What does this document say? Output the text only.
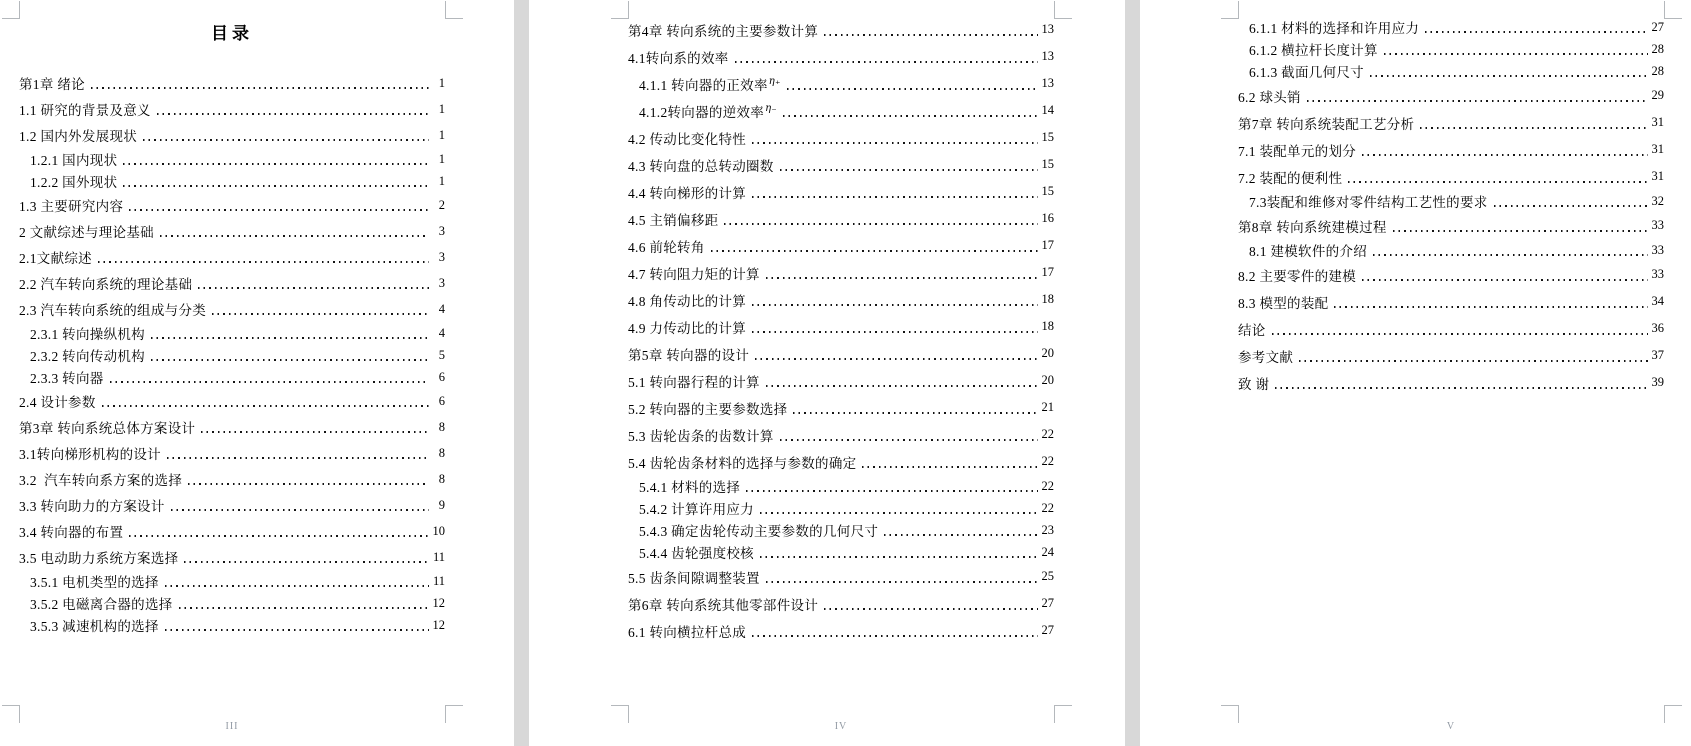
目录
第1章 绪论	1
1.1 研究的背景及意义	1
1.2 国内外发展现状	1
1.2.1 国内现状	1
1.2.2 国外现状	1
1.3 主要研究内容	2
2 文献综述与理论基础	3
2.1文献综述	3
2.2 汽车转向系统的理论基础	3
2.3 汽车转向系统的组成与分类	4
2.3.1 转向操纵机构	4
2.3.2 转向传动机构	5
2.3.3 转向器	6
2.4 设计参数	6
第3章 转向系统总体方案设计	8
3.1转向梯形机构的设计	8
3.2  汽车转向系方案的选择	8
3.3 转向助力的方案设计	9
3.4 转向器的布置	10
3.5 电动助力系统方案选择	11
3.5.1 电机类型的选择	11
3.5.2 电磁离合器的选择	12
3.5.3 减速机构的选择	12
III
第4章 转向系统的主要参数计算	13
4.1转向系的效率	13
4.1.1 转向器的正效率$^{\eta_+}$	13
4.1.2转向器的逆效率$^{\eta_-}$	14
4.2 传动比变化特性	15
4.3 转向盘的总转动圈数	15
4.4 转向梯形的计算	15
4.5 主销偏移距	16
4.6 前轮转角	17
4.7 转向阻力矩的计算	17
4.8 角传动比的计算	18
4.9 力传动比的计算	18
第5章 转向器的设计	20
5.1 转向器行程的计算	20
5.2 转向器的主要参数选择	21
5.3 齿轮齿条的齿数计算	22
5.4 齿轮齿条材料的选择与参数的确定	22
5.4.1 材料的选择	22
5.4.2 计算许用应力	22
5.4.3 确定齿轮传动主要参数的几何尺寸	23
5.4.4 齿轮强度校核	24
5.5 齿条间隙调整装置	25
第6章 转向系统其他零部件设计	27
6.1 转向横拉杆总成	27
IV
6.1.1 材料的选择和许用应力	27
6.1.2 横拉杆长度计算	28
6.1.3 截面几何尺寸	28
6.2 球头销	29
第7章 转向系统装配工艺分析	31
7.1 装配单元的划分	31
7.2 装配的便利性	31
7.3装配和维修对零件结构工艺性的要求	32
第8章 转向系统建模过程	33
8.1 建模软件的介绍	33
8.2 主要零件的建模	33
8.3 模型的装配	34
结论	36
参考文献	37
致 谢	39
V
